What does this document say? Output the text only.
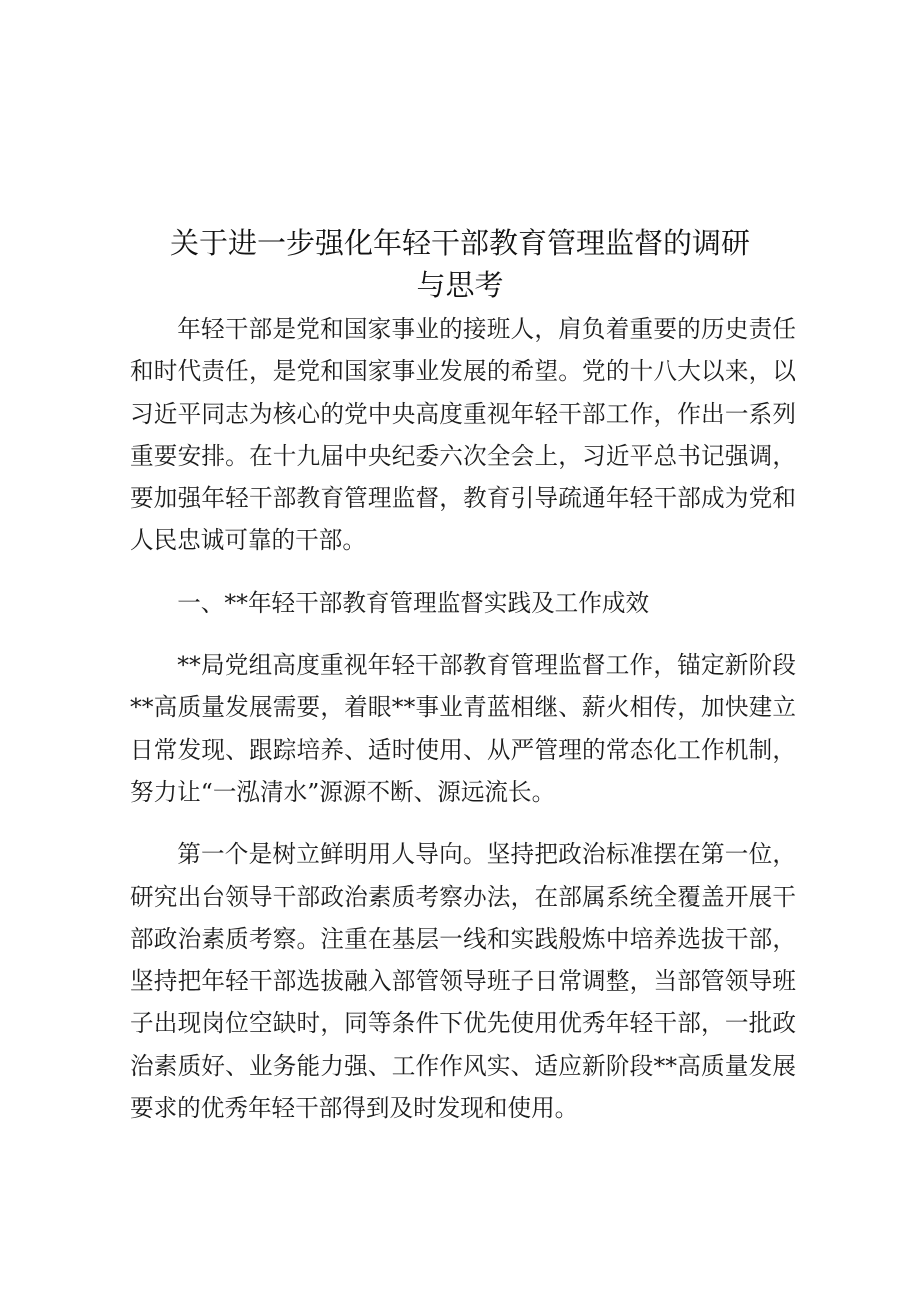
关于进一步强化年轻干部教育管理监督的调研
与思考

年轻干部是党和国家事业的接班人，肩负着重要的历史责任和时代责任，是党和国家事业发展的希望。党的十八大以来，以习近平同志为核心的党中央高度重视年轻干部工作，作出一系列重要安排。在十九届中央纪委六次全会上，习近平总书记强调，要加强年轻干部教育管理监督，教育引导疏通年轻干部成为党和人民忠诚可靠的干部。

一、**年轻干部教育管理监督实践及工作成效

**局党组高度重视年轻干部教育管理监督工作，锚定新阶段**高质量发展需要，着眼**事业青蓝相继、薪火相传，加快建立日常发现、跟踪培养、适时使用、从严管理的常态化工作机制，努力让“一泓清水”源源不断、源远流长。

第一个是树立鲜明用人导向。坚持把政治标准摆在第一位，研究出台领导干部政治素质考察办法，在部属系统全覆盖开展干部政治素质考察。注重在基层一线和实践般炼中培养选拔干部，坚持把年轻干部选拔融入部管领导班子日常调整，当部管领导班子出现岗位空缺时，同等条件下优先使用优秀年轻干部，一批政治素质好、业务能力强、工作作风实、适应新阶段**高质量发展要求的优秀年轻干部得到及时发现和使用。
